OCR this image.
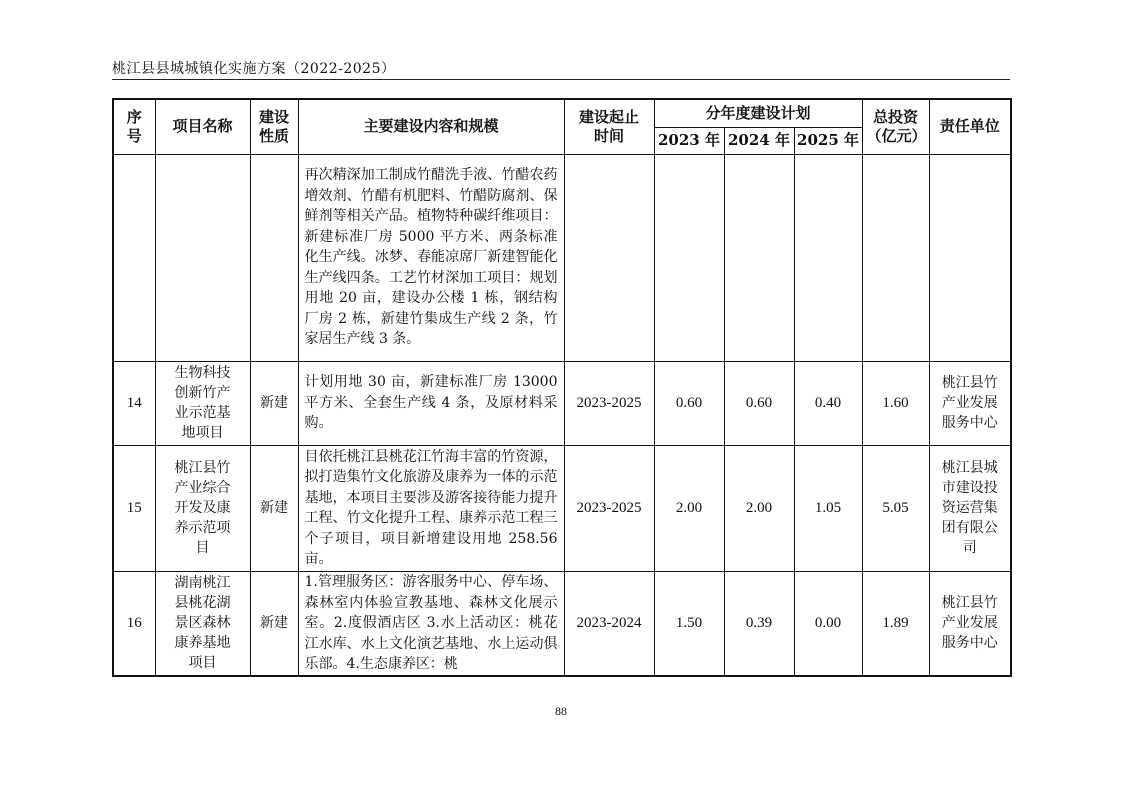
桃江县县城城镇化实施方案（2022-2025）
序号	项目名称	建设性质	主要建设内容和规模	建设起止时间	分年度建设计划			总投资（亿元）	责任单位
					2023 年	2024 年	2025 年		
			再次精深加工制成竹醋洗手液、竹醋农药增效剂、竹醋有机肥料、竹醋防腐剂、保鲜剂等相关产品。植物特种碳纤维项目：新建标准厂房 5000 平方米、两条标准化生产线。冰梦、春能凉席厂新建智能化生产线四条。工艺竹材深加工项目：规划用地 20 亩，建设办公楼 1 栋，钢结构厂房 2 栋，新建竹集成生产线 2 条，竹家居生产线 3 条。						
14	生物科技创新竹产业示范基地项目	新建	计划用地 30 亩，新建标准厂房 13000 平方米、全套生产线 4 条，及原材料采购。	2023-2025	0.60	0.60	0.40	1.60	桃江县竹产业发展服务中心
15	桃江县竹产业综合开发及康养示范项目	新建	目依托桃江县桃花江竹海丰富的竹资源，拟打造集竹文化旅游及康养为一体的示范基地，本项目主要涉及游客接待能力提升工程、竹文化提升工程、康养示范工程三个子项目，项目新增建设用地 258.56 亩。	2023-2025	2.00	2.00	1.05	5.05	桃江县城市建设投资运营集团有限公司
16	湖南桃江县桃花湖景区森林康养基地项目	新建	1.管理服务区：游客服务中心、停车场、森林室内体验宣教基地、森林文化展示室。2.度假酒店区 3.水上活动区：桃花江水库、水上文化演艺基地、水上运动俱乐部。4.生态康养区：桃	2023-2024	1.50	0.39	0.00	1.89	桃江县竹产业发展服务中心
88
